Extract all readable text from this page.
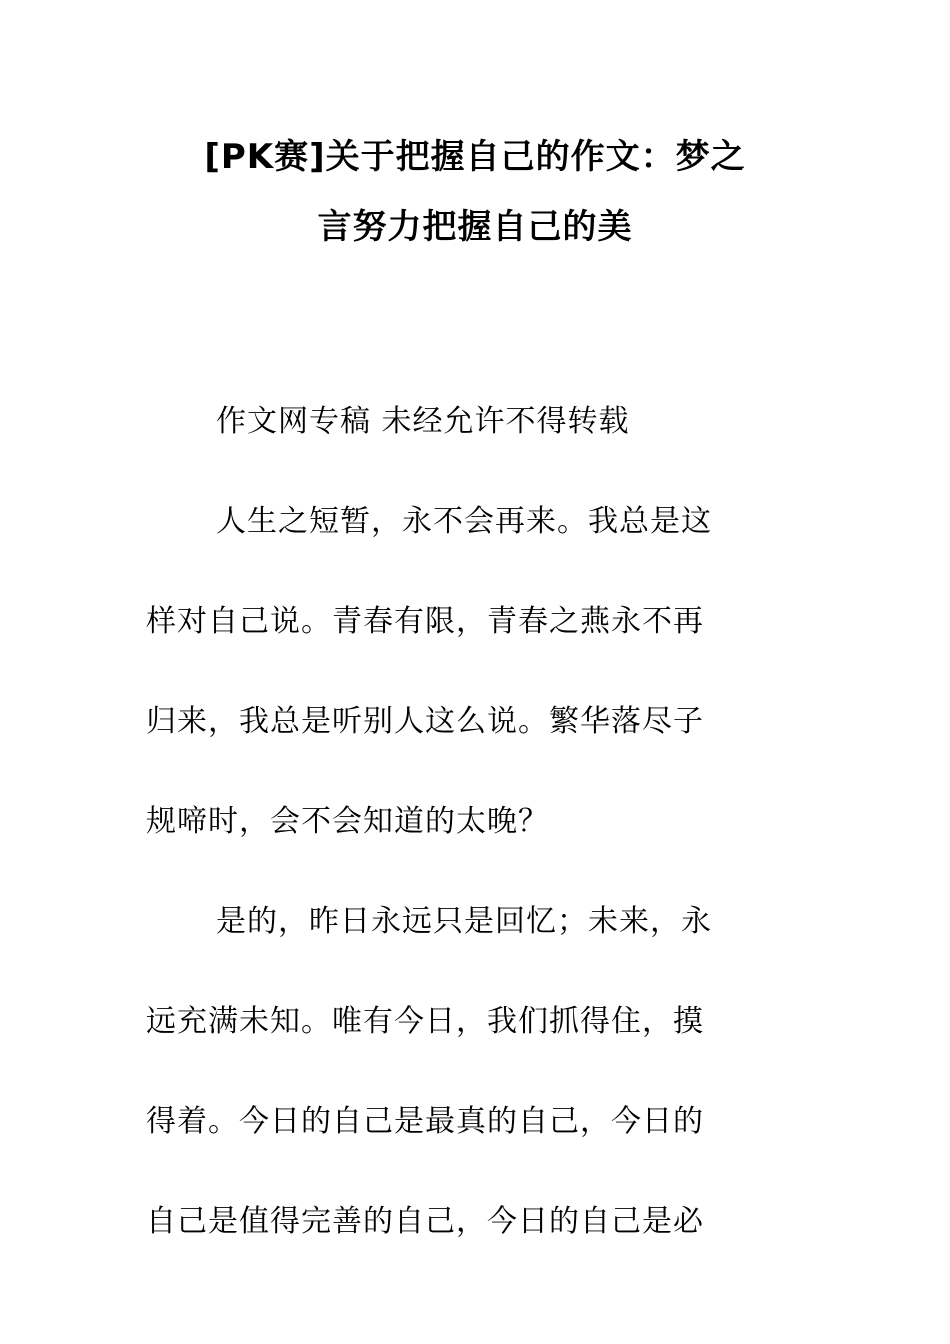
[PK赛]关于把握自己的作文：梦之
言努力把握自己的美

作文网专稿 未经允许不得转载

人生之短暂，永不会再来。我总是这
样对自己说。青春有限，青春之燕永不再
归来，我总是听别人这么说。繁华落尽子
规啼时，会不会知道的太晚？

是的，昨日永远只是回忆；未来，永
远充满未知。唯有今日，我们抓得住，摸
得着。今日的自己是最真的自己，今日的
自己是值得完善的自己，今日的自己是必
